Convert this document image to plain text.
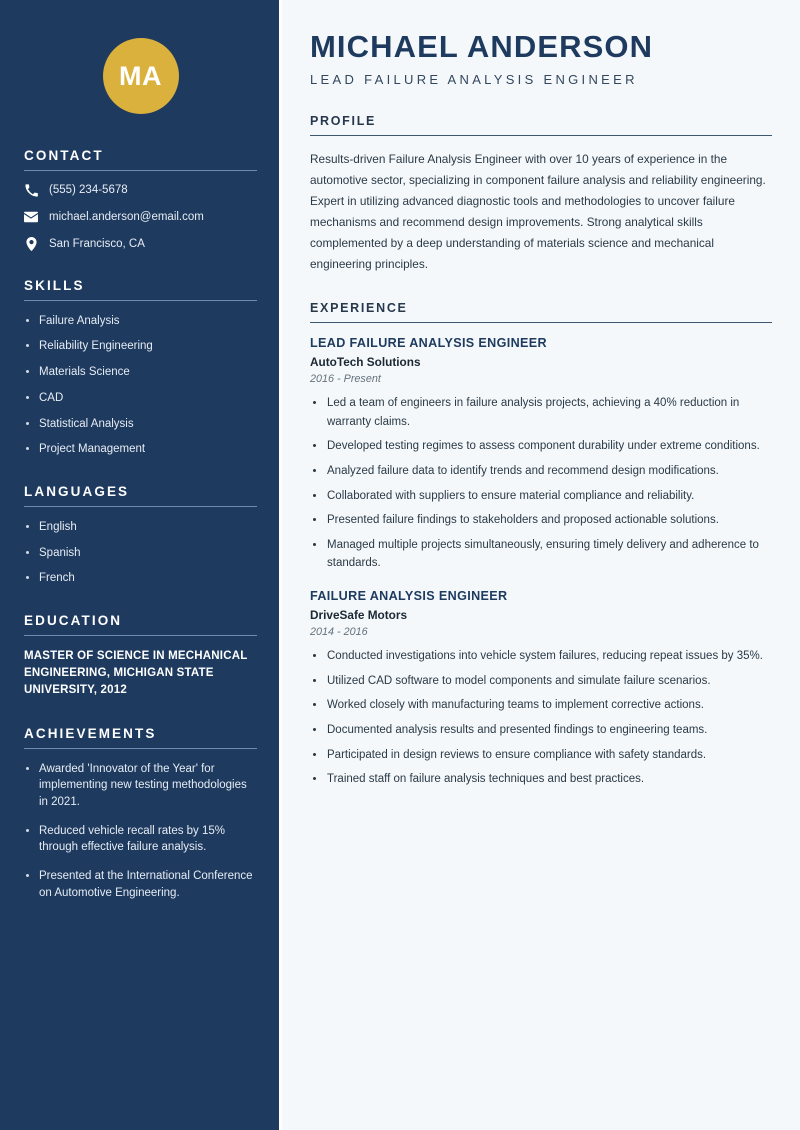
MA
CONTACT
(555) 234-5678
michael.anderson@email.com
San Francisco, CA
SKILLS
Failure Analysis
Reliability Engineering
Materials Science
CAD
Statistical Analysis
Project Management
LANGUAGES
English
Spanish
French
EDUCATION
MASTER OF SCIENCE IN MECHANICAL ENGINEERING, MICHIGAN STATE UNIVERSITY, 2012
ACHIEVEMENTS
Awarded 'Innovator of the Year' for implementing new testing methodologies in 2021.
Reduced vehicle recall rates by 15% through effective failure analysis.
Presented at the International Conference on Automotive Engineering.
MICHAEL ANDERSON
LEAD FAILURE ANALYSIS ENGINEER
PROFILE

Results-driven Failure Analysis Engineer with over 10 years of experience in the automotive sector, specializing in component failure analysis and reliability engineering. Expert in utilizing advanced diagnostic tools and methodologies to uncover failure mechanisms and recommend design improvements. Strong analytical skills complemented by a deep understanding of materials science and mechanical engineering principles.

EXPERIENCE
LEAD FAILURE ANALYSIS ENGINEER
AutoTech Solutions
2016 - Present
Led a team of engineers in failure analysis projects, achieving a 40% reduction in warranty claims.
Developed testing regimes to assess component durability under extreme conditions.
Analyzed failure data to identify trends and recommend design modifications.
Collaborated with suppliers to ensure material compliance and reliability.
Presented failure findings to stakeholders and proposed actionable solutions.
Managed multiple projects simultaneously, ensuring timely delivery and adherence to standards.
FAILURE ANALYSIS ENGINEER
DriveSafe Motors
2014 - 2016
Conducted investigations into vehicle system failures, reducing repeat issues by 35%.
Utilized CAD software to model components and simulate failure scenarios.
Worked closely with manufacturing teams to implement corrective actions.
Documented analysis results and presented findings to engineering teams.
Participated in design reviews to ensure compliance with safety standards.
Trained staff on failure analysis techniques and best practices.
